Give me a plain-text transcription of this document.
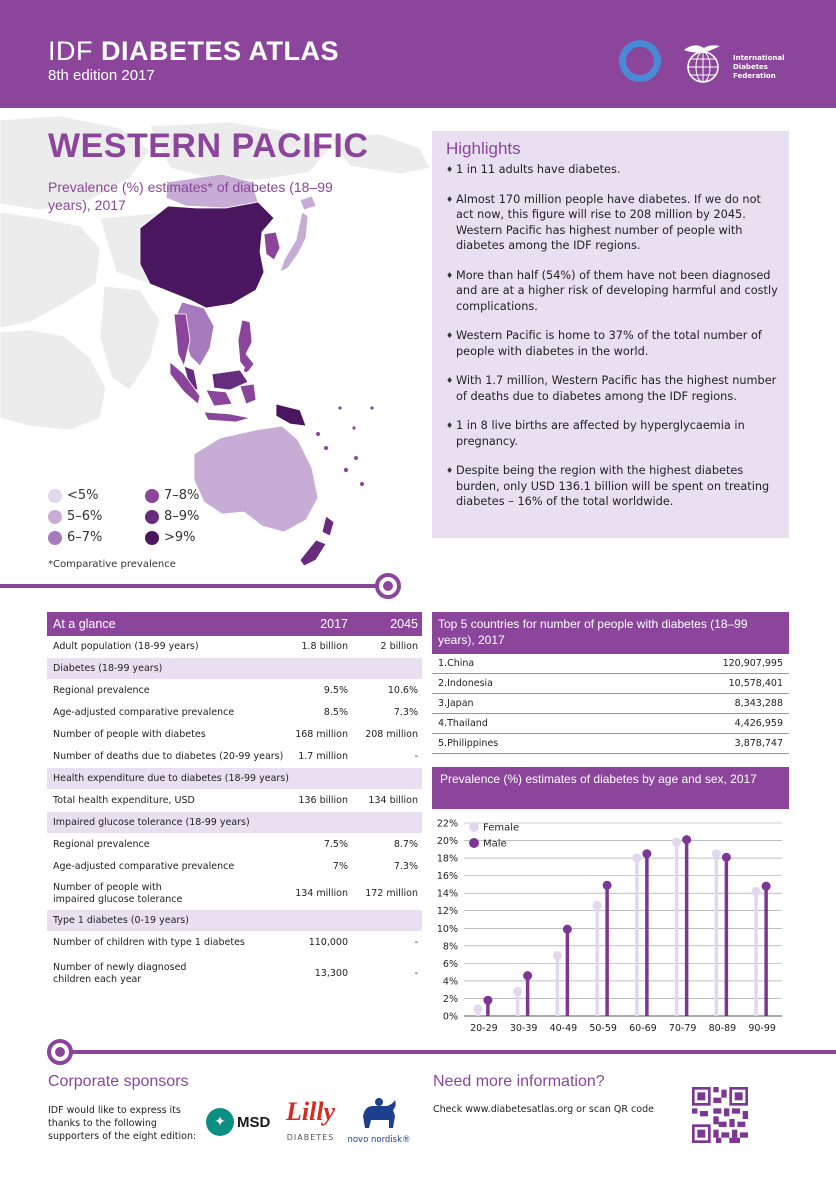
IDF DIABETES ATLAS
8th edition 2017
International Diabetes Federation
WESTERN PACIFIC
Prevalence (%) estimates* of diabetes (18–99 years), 2017
<5%
5–6%
6–7%
7–8%
8–9%
>9%
*Comparative prevalence
Highlights
♦ 1 in 11 adults have diabetes.
♦ Almost 170 million people have diabetes. If we do not act now, this figure will rise to 208 million by 2045. Western Pacific has highest number of people with diabetes among the IDF regions.
♦ More than half (54%) of them have not been diagnosed and are at a higher risk of developing harmful and costly complications.
♦ Western Pacific is home to 37% of the total number of people with diabetes in the world.
♦ With 1.7 million, Western Pacific has the highest number of deaths due to diabetes among the IDF regions.
♦ 1 in 8 live births are affected by hyperglycaemia in pregnancy.
♦ Despite being the region with the highest diabetes burden, only USD 136.1 billion will be spent on treating diabetes – 16% of the total worldwide.
At a glance	2017	2045
Adult population (18-99 years)	1.8 billion	2 billion
Diabetes (18-99 years)
Regional prevalence	9.5%	10.6%
Age-adjusted comparative prevalence	8.5%	7.3%
Number of people with diabetes	168 million	208 million
Number of deaths due to diabetes (20-99 years)	1.7 million	-
Health expenditure due to diabetes (18-99 years)
Total health expenditure, USD	136 billion	134 billion
Impaired glucose tolerance (18-99 years)
Regional prevalence	7.5%	8.7%
Age-adjusted comparative prevalence	7%	7.3%
Number of people with impaired glucose tolerance	134 million	172 million
Type 1 diabetes (0-19 years)
Number of children with type 1 diabetes	110,000	-
Number of newly diagnosed children each year	13,300	-
Top 5 countries for number of people with diabetes (18–99 years), 2017
1.China	120,907,995
2.Indonesia	10,578,401
3.Japan	8,343,288
4.Thailand	4,426,959
5.Philippines	3,878,747
Prevalence (%) estimates of diabetes by age and sex, 2017
0%
2%
4%
6%
8%
10%
12%
14%
16%
18%
20%
22%
20-29 30-39 40-49 50-59 60-69 70-79 80-89 90-99
Female
Male
Corporate sponsors
IDF would like to express its thanks to the following supporters of the eight edition:
✦ MSD Lilly
DIABETES novo nordisk®
Need more information?
Check www.diabetesatlas.org or scan QR code
